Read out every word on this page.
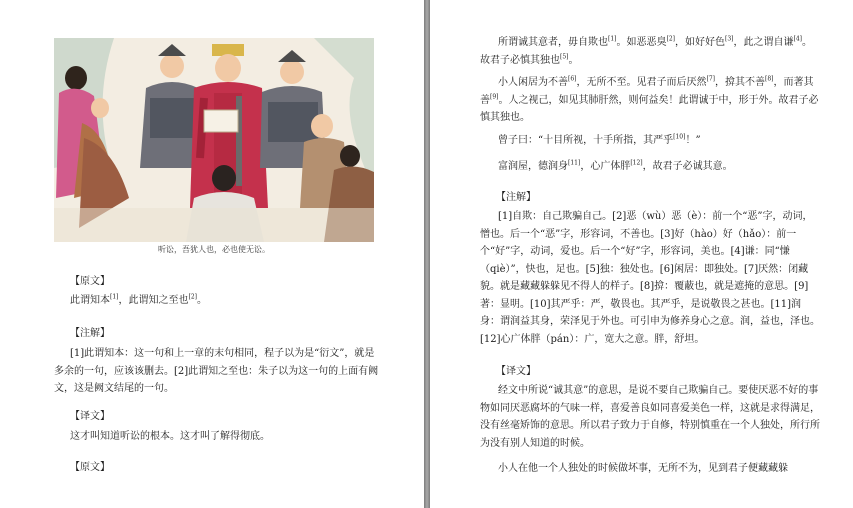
听讼，吾犹人也，必也使无讼。
【原文】

此谓知本[1]，此谓知之至也[2]。

【注解】

[1]此谓知本：这一句和上一章的末句相同，程子以为是“衍文”，就是多余的一句，应该该删去。[2]此谓知之至也：朱子以为这一句的上面有阙文，这是阙文结尾的一句。

【译文】

这才叫知道听讼的根本。这才叫了解得彻底。

【原文】

所谓诚其意者，毋自欺也[1]。如恶恶臭[2]，如好好色[3]，此之谓自谦[4]。故君子必慎其独也[5]。

小人闲居为不善[6]，无所不至。见君子而后厌然[7]，揜其不善[8]，而著其善[9]。人之视己，如见其肺肝然，则何益矣！此谓诚于中，形于外。故君子必慎其独也。

曾子曰：“十目所视，十手所指，其严乎[10]！”

富润屋，德润身[11]，心广体胖[12]，故君子必诚其意。

【注解】

[1]自欺：自己欺骗自己。[2]恶（wù）恶（è）：前一个“恶”字，动词，憎也。后一个“恶”字，形容词，不善也。[3]好（hào）好（hǎo）：前一个“好”字，动词，爱也。后一个“好”字，形容词，美也。[4]谦：同“慊（qiè）”，快也，足也。[5]独：独处也。[6]闲居：即独处。[7]厌然：闭藏貌。就是藏藏躲躲见不得人的样子。[8]揜：覆蔽也，就是遮掩的意思。[9]著：显明。[10]其严乎：严，敬畏也。其严乎，是说敬畏之甚也。[11]润身：谓润益其身，荣泽见于外也。可引申为修养身心之意。润，益也，泽也。[12]心广体胖（pán）：广，宽大之意。胖，舒坦。

【译文】

经文中所说“诚其意”的意思，是说不要自己欺骗自己。要使厌恶不好的事物如同厌恶腐坏的气味一样，喜爱善良如同喜爱美色一样，这就是求得满足，没有丝毫矫饰的意思。所以君子致力于自修，特别慎重在一个人独处，所行所为没有别人知道的时候。

小人在他一个人独处的时候做坏事，无所不为，见到君子便藏藏躲
